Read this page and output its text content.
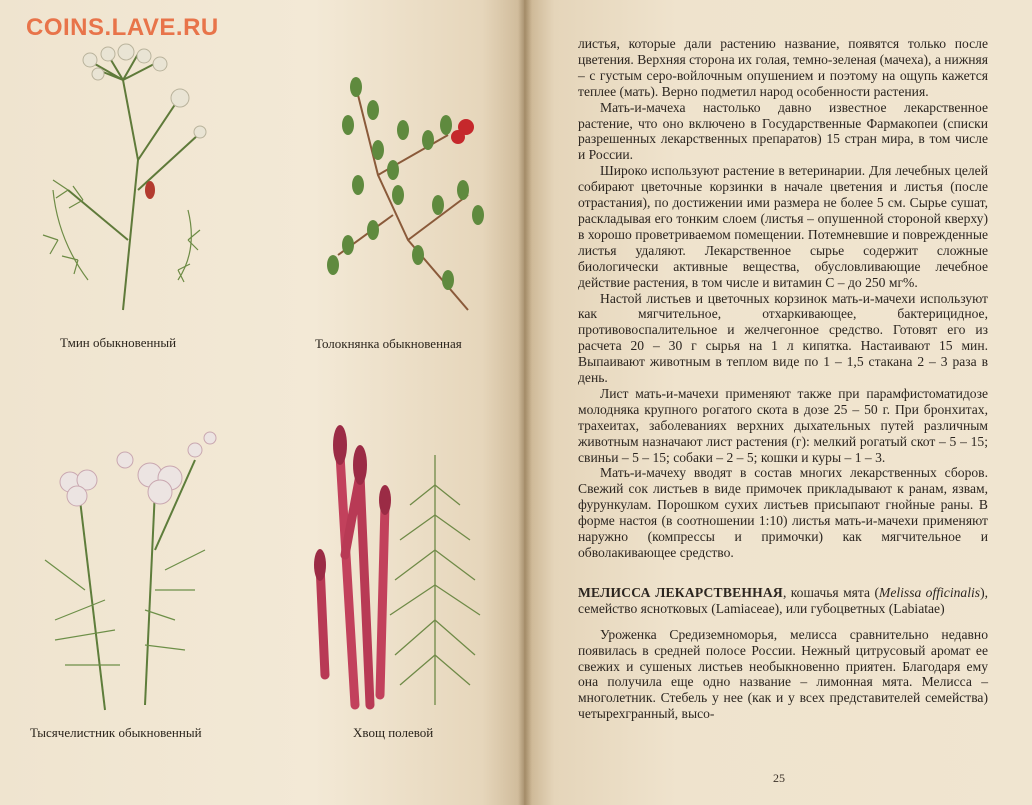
COINS.LAVE.RU
Тмин обыкновенный	Толокнянка обыкновенная
Тысячелистник обыкновенный	Хвощ полевой

листья, которые дали растению название, появятся только после цветения. Верхняя сторона их голая, темно-зеленая (мачеха), а нижняя – с густым серо-войлочным опушением и поэтому на ощупь кажется теплее (мать). Верно подметил народ особенности растения.

Мать-и-мачеха настолько давно известное лекарственное растение, что оно включено в Государственные Фармакопеи (списки разрешенных лекарственных препаратов) 15 стран мира, в том числе и России.

Широко используют растение в ветеринарии. Для лечебных целей собирают цветочные корзинки в начале цветения и листья (после отрастания), по достижении ими размера не более 5 см. Сырье сушат, раскладывая его тонким слоем (листья – опушенной стороной кверху) в хорошо проветриваемом помещении. Потемневшие и поврежденные листья удаляют. Лекарственное сырье содержит сложные биологически активные вещества, обусловливающие лечебное действие растения, в том числе и витамин С – до 250 мг%.

Настой листьев и цветочных корзинок мать-и-мачехи используют как мягчительное, отхаркивающее, бактерицидное, противовоспалительное и желчегонное средство. Готовят его из расчета 20 – 30 г сырья на 1 л кипятка. Настаивают 15 мин. Выпаивают животным в теплом виде по 1 – 1,5 стакана 2 – 3 раза в день.

Лист мать-и-мачехи применяют также при парамфистоматидозе молодняка крупного рогатого скота в дозе 25 – 50 г. При бронхитах, трахеитах, заболеваниях верхних дыхательных путей различным животным назначают лист растения (г): мелкий рогатый скот – 5 – 15; свиньи – 5 – 15; собаки – 2 – 5; кошки и куры – 1 – 3.

Мать-и-мачеху вводят в состав многих лекарственных сборов. Свежий сок листьев в виде примочек прикладывают к ранам, язвам, фурункулам. Порошком сухих листьев присыпают гнойные раны. В форме настоя (в соотношении 1:10) листья мать-и-мачехи применяют наружно (компрессы и примочки) как мягчительное и обволакивающее средство.

МЕЛИССА ЛЕКАРСТВЕННАЯ, кошачья мята (Melissa officinalis), семейство яснотковых (Lamiaceae), или губоцветных (Labiatae)

Уроженка Средиземноморья, мелисса сравнительно недавно появилась в средней полосе России. Нежный цитрусовый аромат ее свежих и сушеных листьев необыкновенно приятен. Благодаря ему она получила еще одно название – лимонная мята. Мелисса – многолетник. Стебель у нее (как и у всех представителей семейства) четырехгранный, высо-

25
